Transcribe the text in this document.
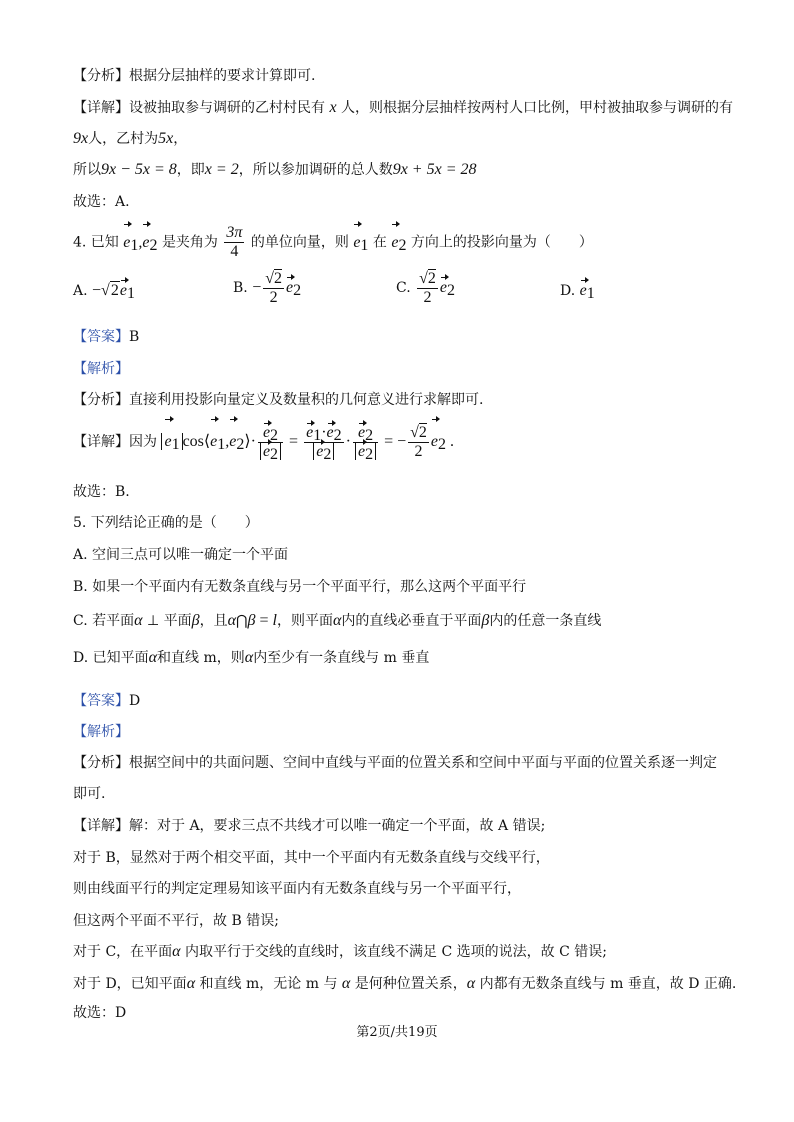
【分析】根据分层抽样的要求计算即可.
【详解】设被抽取参与调研的乙村村民有 x 人，则根据分层抽样按两村人口比例，甲村被抽取参与调研的有
9x人，乙村为5x，
所以9x − 5x = 8，即x = 2，所以参加调研的总人数9x + 5x = 28
故选：A.
4. 已知 $e_1,e_2$ 是夹角为 $\frac{3\pi}{4}$ 的单位向量，则 $e_1$ 在 $e_2$ 方向上的投影向量为（　　）
A. $-√2e_1$	B. − $\frac{√2}{2} e_2$	C. $\frac{√2}{2} e_2$	D. $e_1$
【答案】B
【解析】
【分析】直接利用投影向量定义及数量积的几何意义进行求解即可.
【详解】因为 $e_1$ $\cos⟨e_1,e_2⟩\cdot \frac{e_2}{e_2} = \frac{e_1\cdot e_2}{e_2} \cdot \frac{e_2}{e_2}$ = − $\frac{√2}{2} e_2$ .
故选：B.
5. 下列结论正确的是（　　）
A. 空间三点可以唯一确定一个平面
B. 如果一个平面内有无数条直线与另一个平面平行，那么这两个平面平行
C. 若平面α ⊥ 平面β，且α⋂β = l，则平面α内的直线必垂直于平面β内的任意一条直线
D. 已知平面α和直线 m，则α内至少有一条直线与 m 垂直
【答案】D
【解析】
【分析】根据空间中的共面问题、空间中直线与平面的位置关系和空间中平面与平面的位置关系逐一判定
即可.
【详解】解：对于 A，要求三点不共线才可以唯一确定一个平面，故 A 错误;
对于 B，显然对于两个相交平面，其中一个平面内有无数条直线与交线平行，
则由线面平行的判定定理易知该平面内有无数条直线与另一个平面平行，
但这两个平面不平行，故 B 错误;
对于 C，在平面α 内取平行于交线的直线时，该直线不满足 C 选项的说法，故 C 错误;
对于 D，已知平面α 和直线 m，无论 m 与 α 是何种位置关系，α 内都有无数条直线与 m 垂直，故 D 正确.
故选：D
第2页/共19页
